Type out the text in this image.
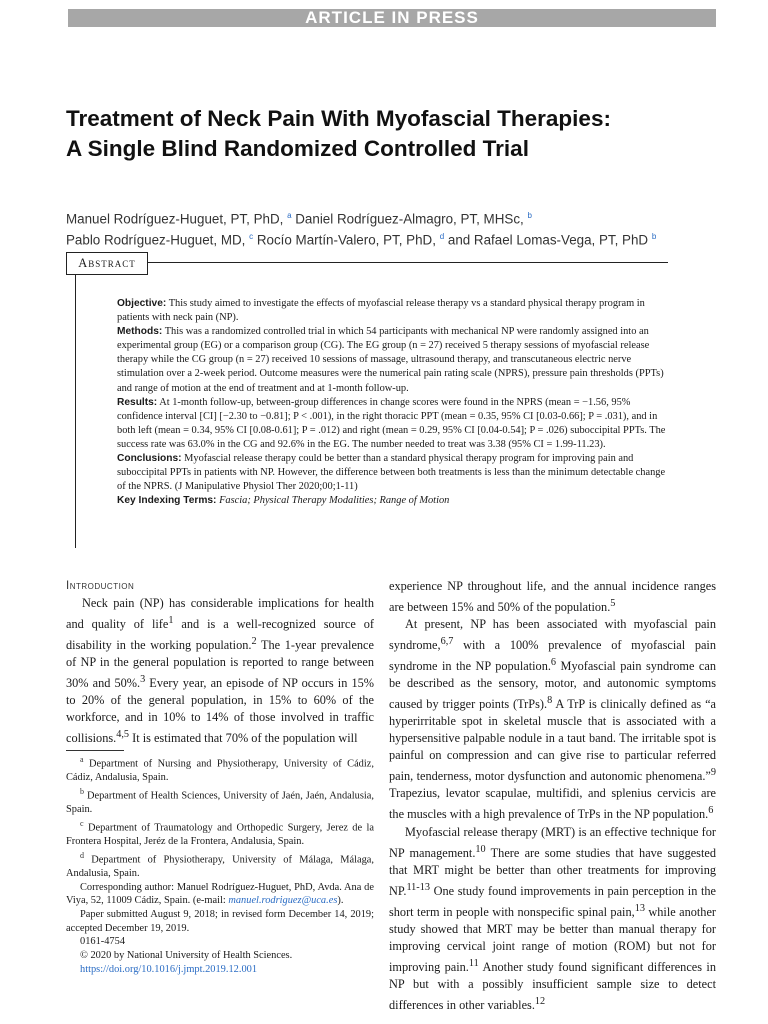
ARTICLE IN PRESS
Treatment of Neck Pain With Myofascial Therapies: A Single Blind Randomized Controlled Trial
Manuel Rodríguez-Huguet, PT, PhD, $^a$ Daniel Rodríguez-Almagro, PT, MHSc, $^b$
Pablo Rodríguez-Huguet, MD, $^c$ Rocío Martín-Valero, PT, PhD, $^d$ and Rafael Lomas-Vega, PT, PhD $^b$
Abstract

Objective: This study aimed to investigate the effects of myofascial release therapy vs a standard physical therapy program in patients with neck pain (NP).

Methods: This was a randomized controlled trial in which 54 participants with mechanical NP were randomly assigned into an experimental group (EG) or a comparison group (CG). The EG group (n = 27) received 5 therapy sessions of myofascial release therapy while the CG group (n = 27) received 10 sessions of massage, ultrasound therapy, and transcutaneous electric nerve stimulation over a 2-week period. Outcome measures were the numerical pain rating scale (NPRS), pressure pain thresholds (PPTs) and range of motion at the end of treatment and at 1-month follow-up.

Results: At 1-month follow-up, between-group differences in change scores were found in the NPRS (mean = −1.56, 95% confidence interval [CI] [−2.30 to −0.81]; P < .001), in the right thoracic PPT (mean = 0.35, 95% CI [0.03-0.66]; P = .031), and in both left (mean = 0.34, 95% CI [0.08-0.61]; P = .012) and right (mean = 0.29, 95% CI [0.04-0.54]; P = .026) suboccipital PPTs. The success rate was 63.0% in the CG and 92.6% in the EG. The number needed to treat was 3.38 (95% CI = 1.99-11.23).

Conclusions: Myofascial release therapy could be better than a standard physical therapy program for improving pain and suboccipital PPTs in patients with NP. However, the difference between both treatments is less than the minimum detectable change of the NPRS. (J Manipulative Physiol Ther 2020;00;1-11)

Key Indexing Terms: Fascia; Physical Therapy Modalities; Range of Motion

Introduction

Neck pain (NP) has considerable implications for health and quality of life$^1$ and is a well-recognized source of disability in the working population.$^2$ The 1-year prevalence of NP in the general population is reported to range between 30% and 50%.$^3$ Every year, an episode of NP occurs in 15% to 20% of the general population, in 15% to 60% of the workforce, and in 10% to 14% of those involved in traffic collisions.$^{4,5}$ It is estimated that 70% of the population will

experience NP throughout life, and the annual incidence ranges are between 15% and 50% of the population.$^5$

At present, NP has been associated with myofascial pain syndrome,$^{6,7}$ with a 100% prevalence of myofascial pain syndrome in the NP population.$^6$ Myofascial pain syndrome can be described as the sensory, motor, and autonomic symptoms caused by trigger points (TrPs).$^8$ A TrP is clinically defined as “a hyperirritable spot in skeletal muscle that is associated with a hypersensitive palpable nodule in a taut band. The irritable spot is painful on compression and can give rise to particular referred pain, tenderness, motor dysfunction and autonomic phenomena.”$^9$ Trapezius, levator scapulae, multifidi, and splenius cervicis are the muscles with a high prevalence of TrPs in the NP population.$^6$

Myofascial release therapy (MRT) is an effective technique for NP management.$^{10}$ There are some studies that have suggested that MRT might be better than other treatments for improving NP.$^{11-13}$ One study found improvements in pain perception in the short term in people with nonspecific spinal pain,$^{13}$ while another study showed that MRT may be better than manual therapy for improving cervical joint range of motion (ROM) but not for improving pain.$^{11}$ Another study found significant differences in NP but with a possibly insufficient sample size to detect differences in other variables.$^{12}$

$^a$ Department of Nursing and Physiotherapy, University of Cádiz, Cádiz, Andalusia, Spain.

$^b$ Department of Health Sciences, University of Jaén, Jaén, Andalusia, Spain.

$^c$ Department of Traumatology and Orthopedic Surgery, Jerez de la Frontera Hospital, Jeréz de la Frontera, Andalusia, Spain.

$^d$ Department of Physiotherapy, University of Málaga, Málaga, Andalusia, Spain.

Corresponding author: Manuel Rodríguez-Huguet, PhD, Avda. Ana de Viya, 52, 11009 Cádiz, Spain. (e-mail: manuel.rodriguez@uca.es).

Paper submitted August 9, 2018; in revised form December 14, 2019; accepted December 19, 2019.

0161-4754

© 2020 by National University of Health Sciences.

https://doi.org/10.1016/j.jmpt.2019.12.001
